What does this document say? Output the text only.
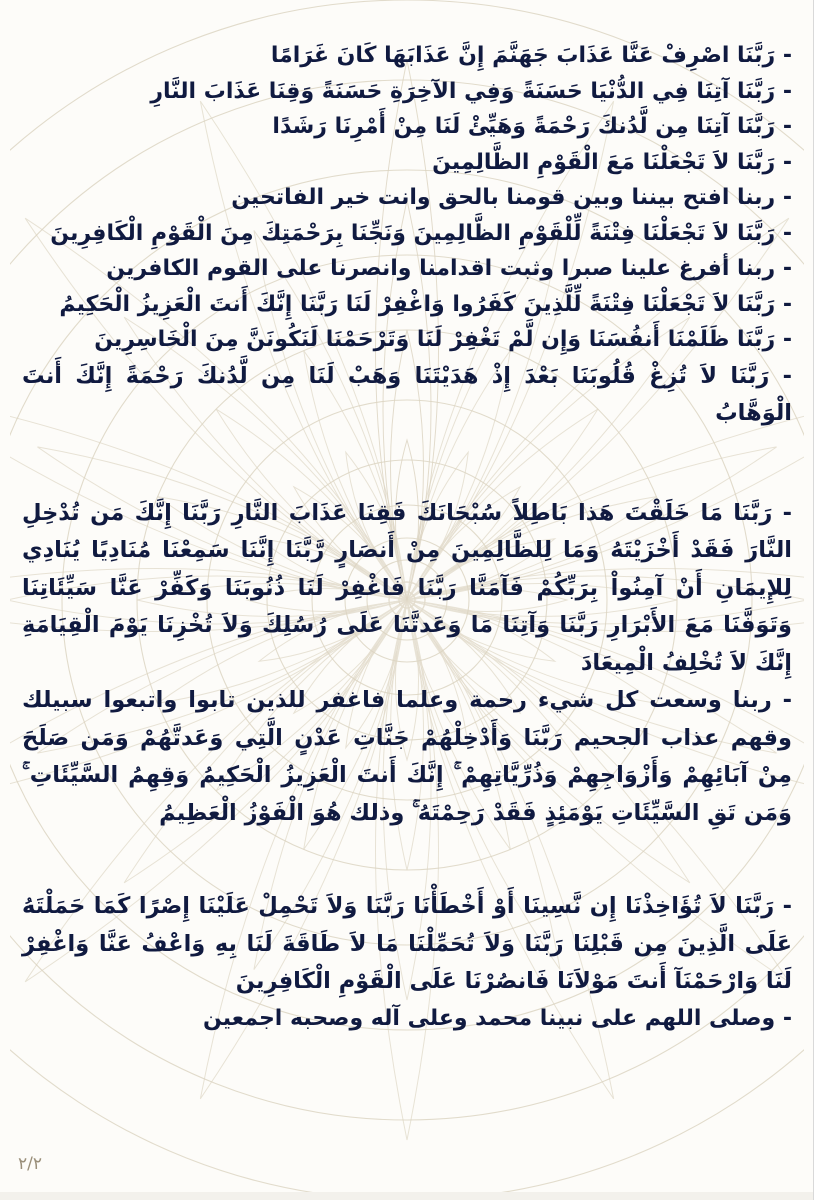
- رَبَّنَا اصْرِفْ عَنَّا عَذَابَ جَهَنَّمَ إِنَّ عَذَابَهَا كَانَ غَرَامًا
- رَبَّنَا آتِنَا فِي الدُّنْيَا حَسَنَةً وَفِي الآخِرَةِ حَسَنَةً وَقِنَا عَذَابَ النَّارِ
- رَبَّنَا آتِنَا مِن لَّدُنكَ رَحْمَةً وَهَيِّئْ لَنَا مِنْ أَمْرِنَا رَشَدًا
- رَبَّنَا لاَ تَجْعَلْنَا مَعَ الْقَوْمِ الظَّالِمِينَ
- ربنا افتح بيننا وبين قومنا بالحق وانت خير الفاتحين
- رَبَّنَا لاَ تَجْعَلْنَا فِتْنَةً لِّلْقَوْمِ الظَّالِمِينَ وَنَجِّنَا بِرَحْمَتِكَ مِنَ الْقَوْمِ الْكَافِرِينَ
- ربنا أفرغ علينا صبرا وثبت اقدامنا وانصرنا على القوم الكافرين
- رَبَّنَا لاَ تَجْعَلْنَا فِتْنَةً لِّلَّذِينَ كَفَرُوا وَاغْفِرْ لَنَا رَبَّنَا إِنَّكَ أَنتَ الْعَزِيزُ الْحَكِيمُ
- رَبَّنَا ظَلَمْنَا أَنفُسَنَا وَإِن لَّمْ تَغْفِرْ لَنَا وَتَرْحَمْنَا لَنَكُونَنَّ مِنَ الْخَاسِرِينَ
- رَبَّنَا لاَ تُزِغْ قُلُوبَنَا بَعْدَ إِذْ هَدَيْتَنَا وَهَبْ لَنَا مِن لَّدُنكَ رَحْمَةً إِنَّكَ أَنتَ الْوَهَّابُ
- رَبَّنَا مَا خَلَقْتَ هَذا بَاطِلاً سُبْحَانَكَ فَقِنَا عَذَابَ النَّارِ رَبَّنَا إِنَّكَ مَن تُدْخِلِ النَّارَ فَقَدْ أَخْزَيْتَهُ وَمَا لِلظَّالِمِينَ مِنْ أَنصَارٍ رَّبَّنَا إِنَّنَا سَمِعْنَا مُنَادِيًا يُنَادِي لِلإِيمَانِ أَنْ آمِنُواْ بِرَبِّكُمْ فَآمَنَّا رَبَّنَا فَاغْفِرْ لَنَا ذُنُوبَنَا وَكَفِّرْ عَنَّا سَيِّئَاتِنَا وَتَوَفَّنَا مَعَ الأَبْرَارِ رَبَّنَا وَآتِنَا مَا وَعَدتَّنَا عَلَى رُسُلِكَ وَلاَ تُخْزِنَا يَوْمَ الْقِيَامَةِ إِنَّكَ لاَ تُخْلِفُ الْمِيعَادَ
- ربنا وسعت كل شيء رحمة وعلما فاغفر للذين تابوا واتبعوا سبيلك وقهم عذاب الجحيم رَبَّنَا وَأَدْخِلْهُمْ جَنَّاتِ عَدْنٍ الَّتِي وَعَدتَّهُمْ وَمَن صَلَحَ مِنْ آبَائِهِمْ وَأَزْوَاجِهِمْ وَذُرِّيَّاتِهِمْ ۚ إِنَّكَ أَنتَ الْعَزِيزُ الْحَكِيمُ وَقِهِمُ السَّيِّئَاتِ ۚ وَمَن تَقِ السَّيِّئَاتِ يَوْمَئِذٍ فَقَدْ رَحِمْتَهُ ۚ وذلك هُوَ الْفَوْزُ الْعَظِيمُ
- رَبَّنَا لاَ تُؤَاخِذْنَا إِن نَّسِينَا أَوْ أَخْطَأْنَا رَبَّنَا وَلاَ تَحْمِلْ عَلَيْنَا إِصْرًا كَمَا حَمَلْتَهُ عَلَى الَّذِينَ مِن قَبْلِنَا رَبَّنَا وَلاَ تُحَمِّلْنَا مَا لاَ طَاقَةَ لَنَا بِهِ وَاعْفُ عَنَّا وَاغْفِرْ لَنَا وَارْحَمْنَآ أَنتَ مَوْلاَنَا فَانصُرْنَا عَلَى الْقَوْمِ الْكَافِرِينَ
- وصلى اللهم على نبينا محمد وعلى آله وصحبه اجمعين
٢/٢
